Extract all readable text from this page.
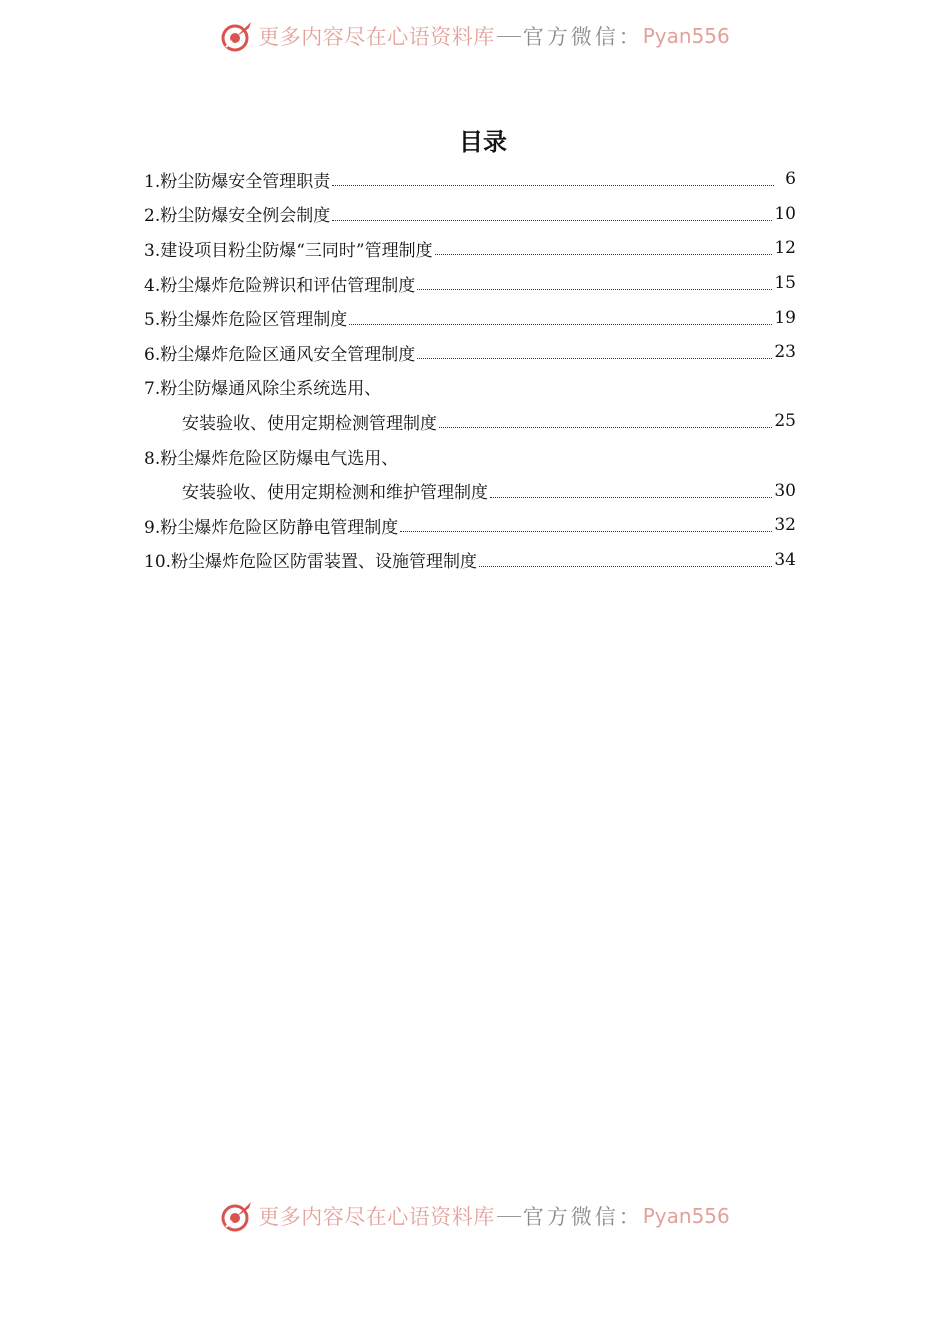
更多内容尽在心语资料库 官方微信： Pyan556
目录
1.粉尘防爆安全管理职责	6
2.粉尘防爆安全例会制度	10
3.建设项目粉尘防爆“三同时”管理制度	12
4.粉尘爆炸危险辨识和评估管理制度	15
5.粉尘爆炸危险区管理制度	19
6.粉尘爆炸危险区通风安全管理制度	23
7.粉尘防爆通风除尘系统选用、
安装验收、使用定期检测管理制度	25
8.粉尘爆炸危险区防爆电气选用、
安装验收、使用定期检测和维护管理制度	30
9.粉尘爆炸危险区防静电管理制度	32
10.粉尘爆炸危险区防雷装置、设施管理制度	34
更多内容尽在心语资料库 官方微信： Pyan556
